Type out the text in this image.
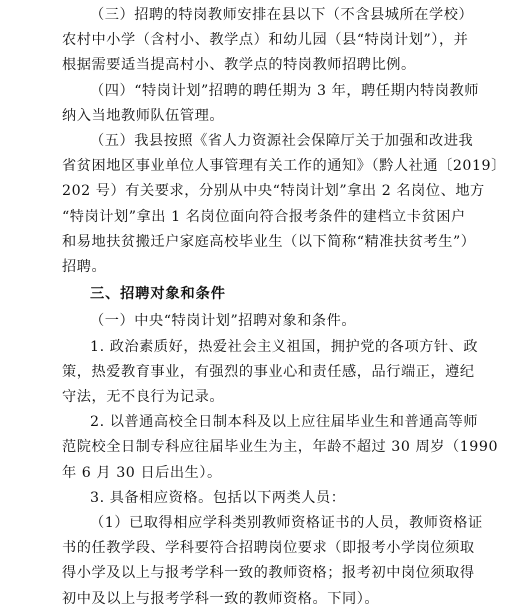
（三）招聘的特岗教师安排在县以下（不含县城所在学校）
农村中小学（含村小、教学点）和幼儿园（县“特岗计划”），并
根据需要适当提高村小、教学点的特岗教师招聘比例。
（四）“特岗计划”招聘的聘任期为 3 年，聘任期内特岗教师
纳入当地教师队伍管理。
（五）我县按照《省人力资源社会保障厅关于加强和改进我
省贫困地区事业单位人事管理有关工作的通知》（黔人社通〔2019〕
202 号）有关要求，分别从中央“特岗计划”拿出 2 名岗位、地方
“特岗计划”拿出 1 名岗位面向符合报考条件的建档立卡贫困户
和易地扶贫搬迁户家庭高校毕业生（以下简称“精准扶贫考生”）
招聘。
三、招聘对象和条件
（一）中央“特岗计划”招聘对象和条件。
1. 政治素质好，热爱社会主义祖国，拥护党的各项方针、政
策，热爱教育事业，有强烈的事业心和责任感，品行端正，遵纪
守法，无不良行为记录。
2. 以普通高校全日制本科及以上应往届毕业生和普通高等师
范院校全日制专科应往届毕业生为主，年龄不超过 30 周岁（1990
年 6 月 30 日后出生）。
3. 具备相应资格。包括以下两类人员：
（1）已取得相应学科类别教师资格证书的人员，教师资格证
书的任教学段、学科要符合招聘岗位要求（即报考小学岗位须取
得小学及以上与报考学科一致的教师资格；报考初中岗位须取得
初中及以上与报考学科一致的教师资格。下同）。
